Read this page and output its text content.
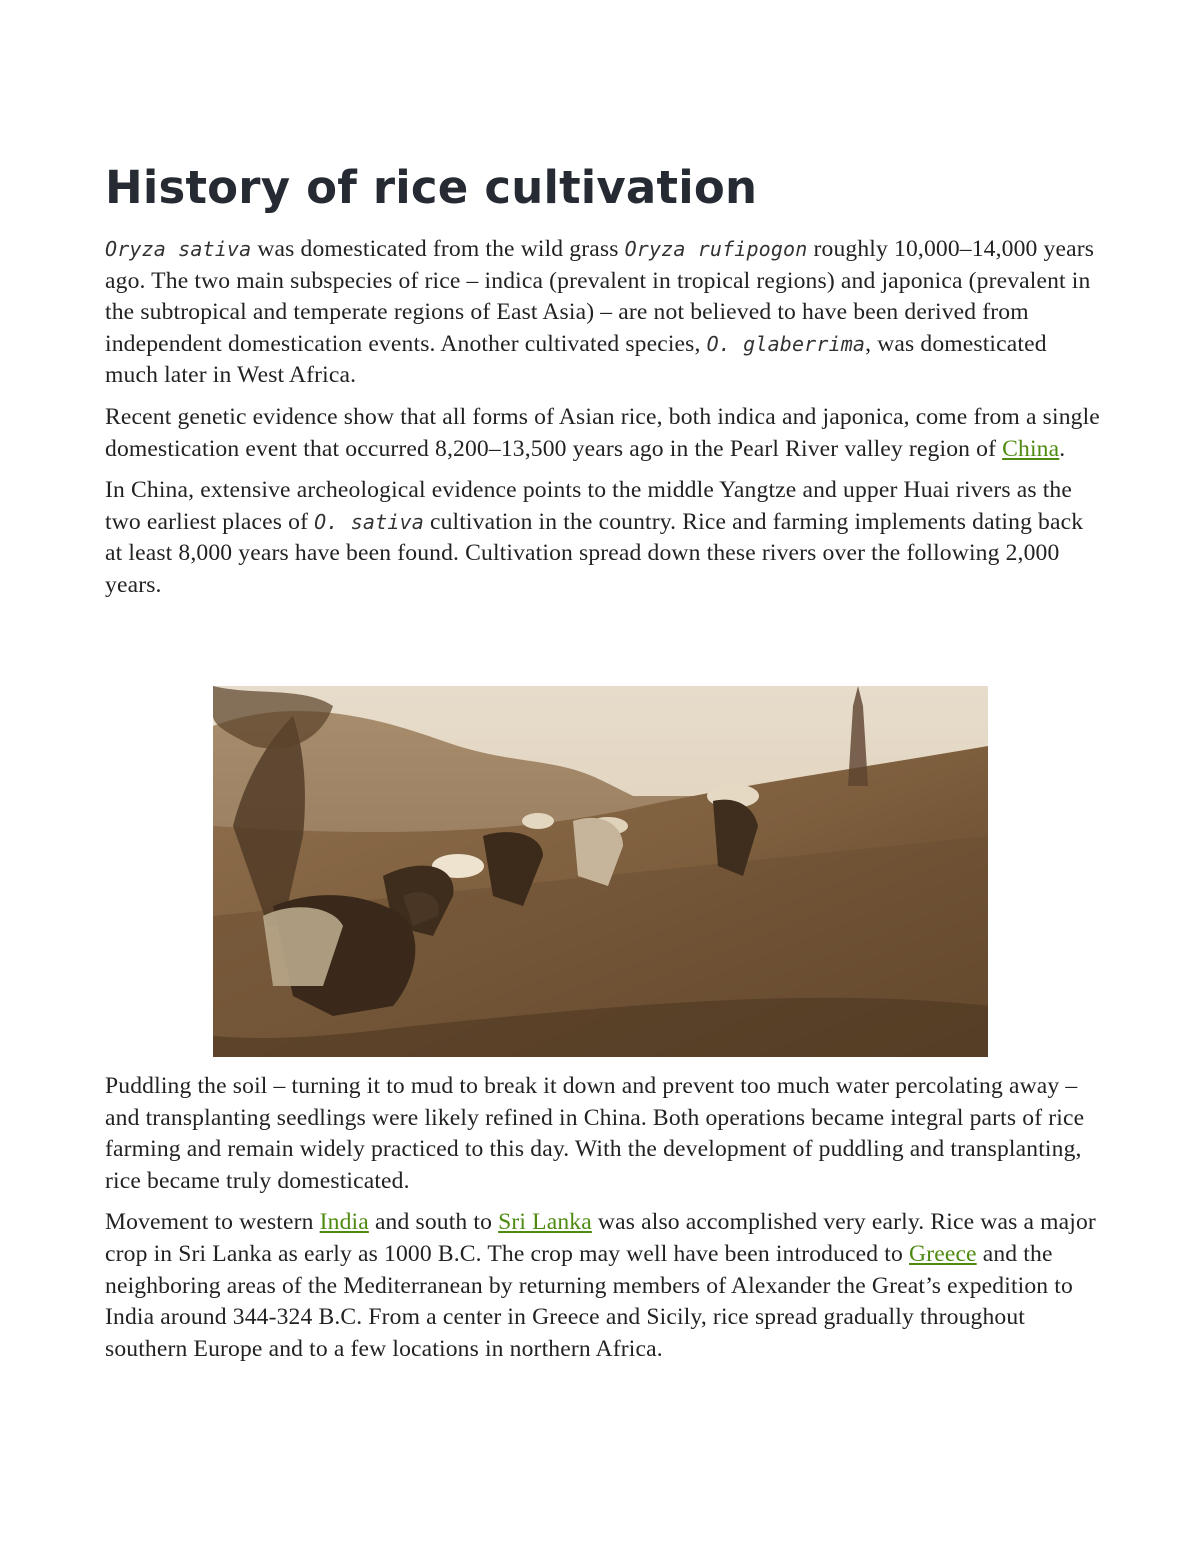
History of rice cultivation

Oryza sativa was domesticated from the wild grass Oryza rufipogon roughly 10,000–14,000 years ago. The two main subspecies of rice – indica (prevalent in tropical regions) and japonica (prevalent in the subtropical and temperate regions of East Asia) – are not believed to have been derived from independent domestication events. Another cultivated species, O. glaberrima, was domesticated much later in West Africa.

Recent genetic evidence show that all forms of Asian rice, both indica and japonica, come from a single domestication event that occurred 8,200–13,500 years ago in the Pearl River valley region of China.

In China, extensive archeological evidence points to the middle Yangtze and upper Huai rivers as the two earliest places of O. sativa cultivation in the country. Rice and farming implements dating back at least 8,000 years have been found. Cultivation spread down these rivers over the following 2,000 years.

Puddling the soil – turning it to mud to break it down and prevent too much water percolating away – and transplanting seedlings were likely refined in China. Both operations became integral parts of rice farming and remain widely practiced to this day. With the development of puddling and transplanting, rice became truly domesticated.

Movement to western India and south to Sri Lanka was also accomplished very early. Rice was a major crop in Sri Lanka as early as 1000 B.C. The crop may well have been introduced to Greece and the neighboring areas of the Mediterranean by returning members of Alexander the Great’s expedition to India around 344-324 B.C. From a center in Greece and Sicily, rice spread gradually throughout southern Europe and to a few locations in northern Africa.
